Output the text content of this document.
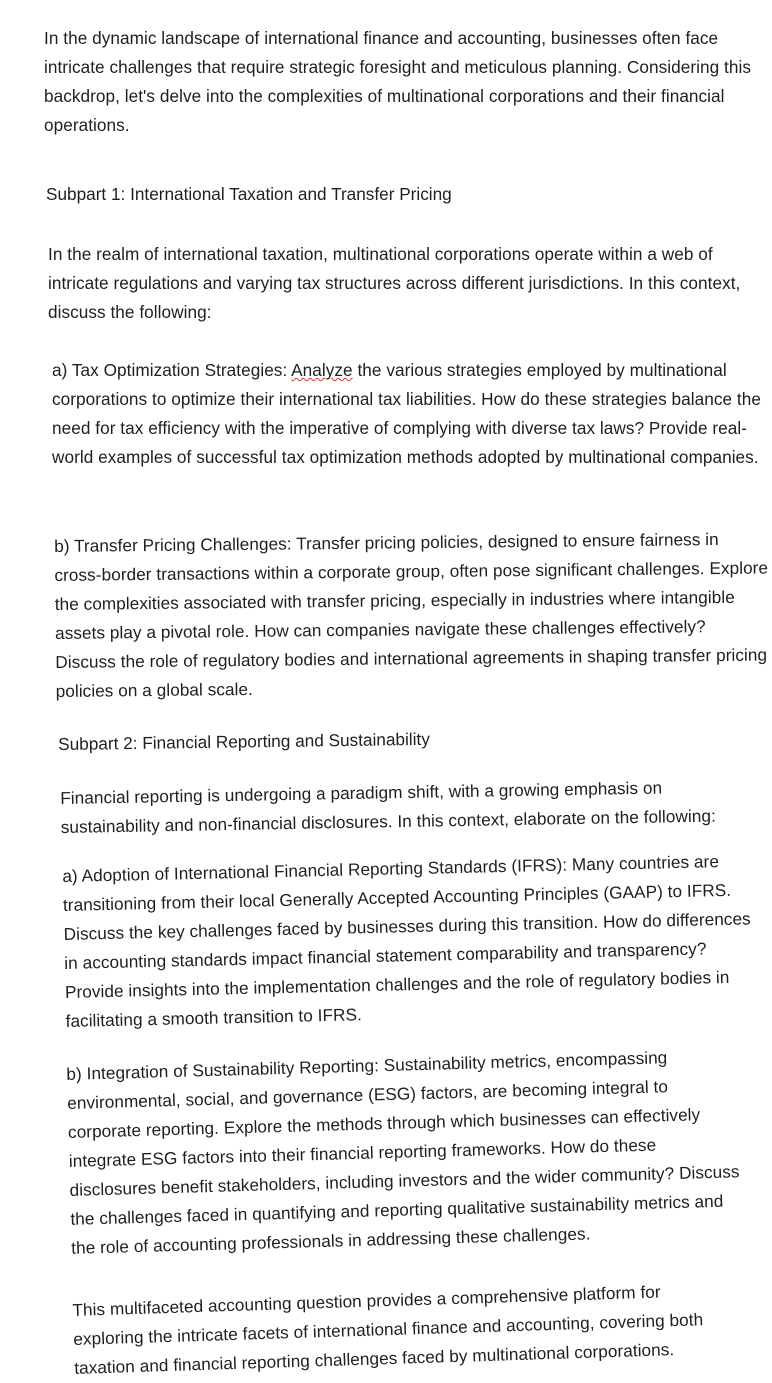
In the dynamic landscape of international finance and accounting, businesses often face intricate challenges that require strategic foresight and meticulous planning. Considering this backdrop, let's delve into the complexities of multinational corporations and their financial operations.

Subpart 1: International Taxation and Transfer Pricing

In the realm of international taxation, multinational corporations operate within a web of intricate regulations and varying tax structures across different jurisdictions. In this context, discuss the following:

a) Tax Optimization Strategies: Analyze the various strategies employed by multinational corporations to optimize their international tax liabilities. How do these strategies balance the need for tax efficiency with the imperative of complying with diverse tax laws? Provide real-world examples of successful tax optimization methods adopted by multinational companies.

b) Transfer Pricing Challenges: Transfer pricing policies, designed to ensure fairness in cross-border transactions within a corporate group, often pose significant challenges. Explore the complexities associated with transfer pricing, especially in industries where intangible assets play a pivotal role. How can companies navigate these challenges effectively? Discuss the role of regulatory bodies and international agreements in shaping transfer pricing policies on a global scale.

Subpart 2: Financial Reporting and Sustainability

Financial reporting is undergoing a paradigm shift, with a growing emphasis on sustainability and non-financial disclosures. In this context, elaborate on the following:

a) Adoption of International Financial Reporting Standards (IFRS): Many countries are transitioning from their local Generally Accepted Accounting Principles (GAAP) to IFRS. Discuss the key challenges faced by businesses during this transition. How do differences in accounting standards impact financial statement comparability and transparency? Provide insights into the implementation challenges and the role of regulatory bodies in facilitating a smooth transition to IFRS.

b) Integration of Sustainability Reporting: Sustainability metrics, encompassing environmental, social, and governance (ESG) factors, are becoming integral to corporate reporting. Explore the methods through which businesses can effectively integrate ESG factors into their financial reporting frameworks. How do these disclosures benefit stakeholders, including investors and the wider community? Discuss the challenges faced in quantifying and reporting qualitative sustainability metrics and the role of accounting professionals in addressing these challenges.

This multifaceted accounting question provides a comprehensive platform for exploring the intricate facets of international finance and accounting, covering both taxation and financial reporting challenges faced by multinational corporations.
